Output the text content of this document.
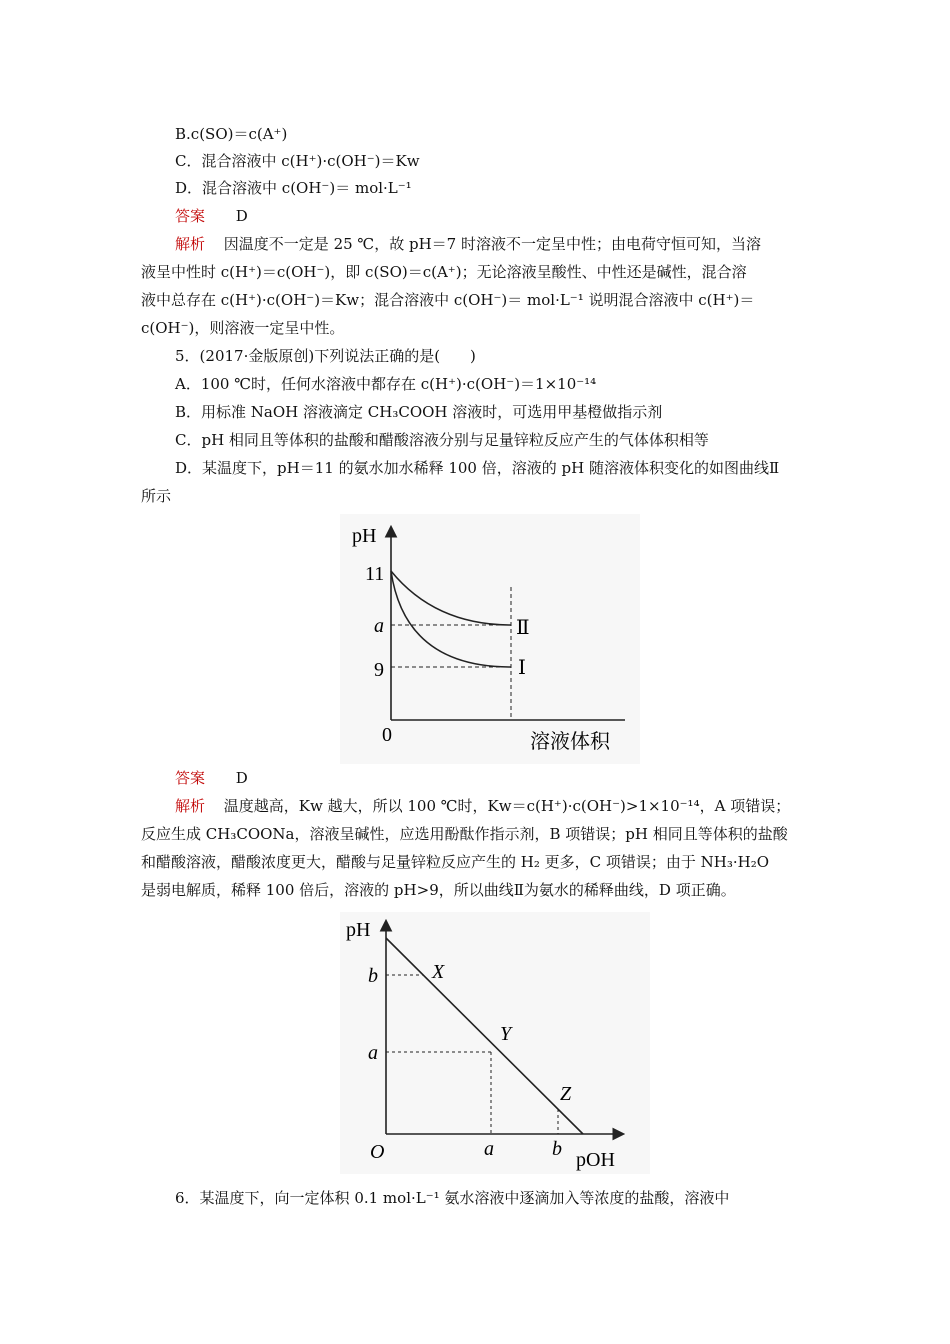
B.c(SO)＝c(A⁺)
C．混合溶液中 c(H⁺)·c(OH⁻)＝Kw
D．混合溶液中 c(OH⁻)＝ mol·L⁻¹
答案 D
解析 因温度不一定是 25 ℃，故 pH＝7 时溶液不一定呈中性；由电荷守恒可知，当溶
液呈中性时 c(H⁺)＝c(OH⁻)，即 c(SO)＝c(A⁺)；无论溶液呈酸性、中性还是碱性，混合溶
液中总存在 c(H⁺)·c(OH⁻)＝Kw；混合溶液中 c(OH⁻)＝ mol·L⁻¹ 说明混合溶液中 c(H⁺)＝
c(OH⁻)，则溶液一定呈中性。
5．(2017·金版原创)下列说法正确的是(　　)
A．100 ℃时，任何水溶液中都存在 c(H⁺)·c(OH⁻)＝1×10⁻¹⁴
B．用标准 NaOH 溶液滴定 CH₃COOH 溶液时，可选用甲基橙做指示剂
C．pH 相同且等体积的盐酸和醋酸溶液分别与足量锌粒反应产生的气体体积相等
D．某温度下，pH＝11 的氨水加水稀释 100 倍，溶液的 pH 随溶液体积变化的如图曲线Ⅱ
所示
pH
11
a
9
Ⅱ
Ⅰ
0	溶液体积
答案 D
解析 温度越高，Kw 越大，所以 100 ℃时，Kw＝c(H⁺)·c(OH⁻)>1×10⁻¹⁴，A 项错误；
反应生成 CH₃COONa，溶液呈碱性，应选用酚酞作指示剂，B 项错误；pH 相同且等体积的盐酸
和醋酸溶液，醋酸浓度更大，醋酸与足量锌粒反应产生的 H₂ 更多，C 项错误；由于 NH₃·H₂O
是弱电解质，稀释 100 倍后，溶液的 pH>9，所以曲线Ⅱ为氨水的稀释曲线，D 项正确。
pH
b
a
O	a	b pOH
X
Y
Z
6．某温度下，向一定体积 0.1 mol·L⁻¹ 氨水溶液中逐滴加入等浓度的盐酸，溶液中
